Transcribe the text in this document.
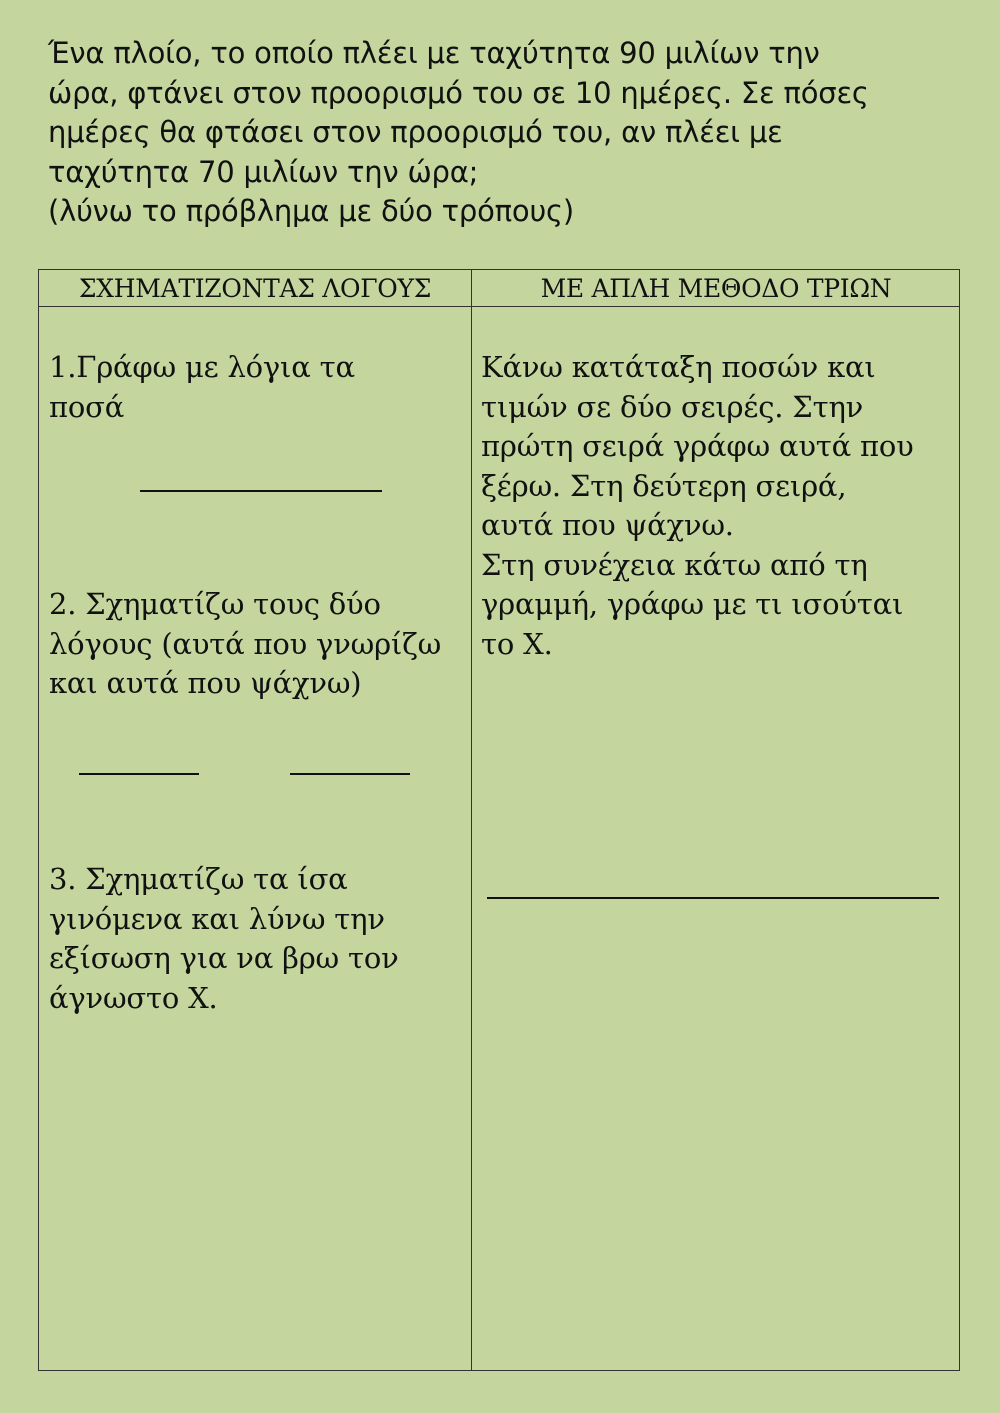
Ένα πλοίο, το οποίο πλέει με ταχύτητα 90 μιλίων την
ώρα, φτάνει στον προορισμό του σε 10 ημέρες. Σε πόσες
ημέρες θα φτάσει στον προορισμό του, αν πλέει με
ταχύτητα 70 μιλίων την ώρα;

(λύνω το πρόβλημα με δύο τρόπους)

ΣΧΗΜΑΤΙΖΟΝΤΑΣ ΛΟΓΟΥΣ	ΜΕ ΑΠΛΗ ΜΕΘΟΔΟ ΤΡΙΩΝ
1.Γράφω με λόγια τα
ποσά
2. Σχηματίζω τους δύο
λόγους (αυτά που γνωρίζω
και αυτά που ψάχνω)
3. Σχηματίζω τα ίσα
γινόμενα και λύνω την
εξίσωση για να βρω τον
άγνωστο Χ.
Κάνω κατάταξη ποσών και
τιμών σε δύο σειρές. Στην
πρώτη σειρά γράφω αυτά που
ξέρω. Στη δεύτερη σειρά,
αυτά που ψάχνω.
Στη συνέχεια κάτω από τη
γραμμή, γράφω με τι ισούται
το Χ.
